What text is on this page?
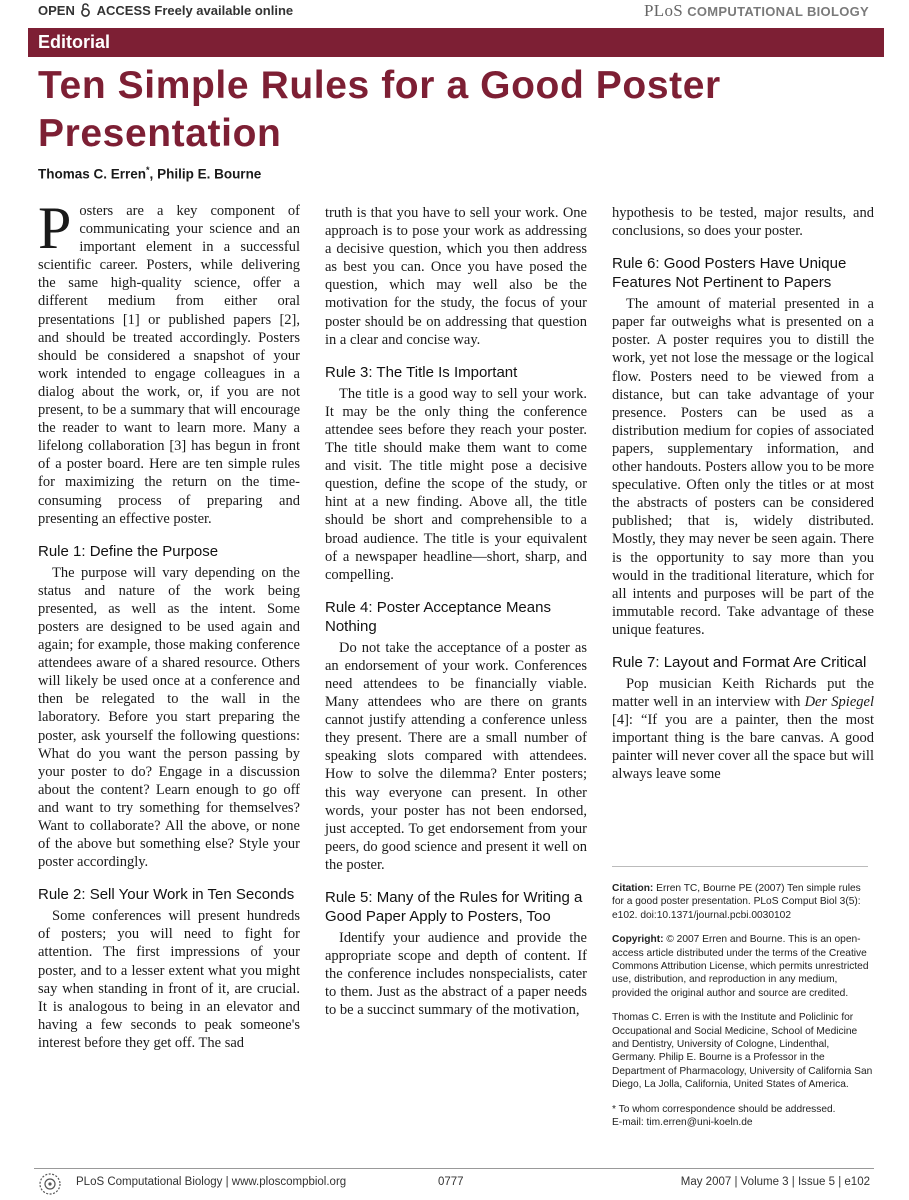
OPEN ACCESS Freely available online	PLoS COMPUTATIONAL BIOLOGY
Editorial
Ten Simple Rules for a Good Poster Presentation
Thomas C. Erren*, Philip E. Bourne

Posters are a key component of communicating your science and an important element in a successful scientific career. Posters, while delivering the same high-quality science, offer a different medium from either oral presentations [1] or published papers [2], and should be treated accordingly. Posters should be considered a snapshot of your work intended to engage colleagues in a dialog about the work, or, if you are not present, to be a summary that will encourage the reader to want to learn more. Many a lifelong collaboration [3] has begun in front of a poster board. Here are ten simple rules for maximizing the return on the time-consuming process of preparing and presenting an effective poster.

Rule 1: Define the Purpose

The purpose will vary depending on the status and nature of the work being presented, as well as the intent. Some posters are designed to be used again and again; for example, those making conference attendees aware of a shared resource. Others will likely be used once at a conference and then be relegated to the wall in the laboratory. Before you start preparing the poster, ask yourself the following questions: What do you want the person passing by your poster to do? Engage in a discussion about the content? Learn enough to go off and want to try something for themselves? Want to collaborate? All the above, or none of the above but something else? Style your poster accordingly.

Rule 2: Sell Your Work in Ten Seconds

Some conferences will present hundreds of posters; you will need to fight for attention. The first impressions of your poster, and to a lesser extent what you might say when standing in front of it, are crucial. It is analogous to being in an elevator and having a few seconds to peak someone's interest before they get off. The sad

truth is that you have to sell your work. One approach is to pose your work as addressing a decisive question, which you then address as best you can. Once you have posed the question, which may well also be the motivation for the study, the focus of your poster should be on addressing that question in a clear and concise way.

Rule 3: The Title Is Important

The title is a good way to sell your work. It may be the only thing the conference attendee sees before they reach your poster. The title should make them want to come and visit. The title might pose a decisive question, define the scope of the study, or hint at a new finding. Above all, the title should be short and comprehensible to a broad audience. The title is your equivalent of a newspaper headline—short, sharp, and compelling.

Rule 4: Poster Acceptance Means Nothing

Do not take the acceptance of a poster as an endorsement of your work. Conferences need attendees to be financially viable. Many attendees who are there on grants cannot justify attending a conference unless they present. There are a small number of speaking slots compared with attendees. How to solve the dilemma? Enter posters; this way everyone can present. In other words, your poster has not been endorsed, just accepted. To get endorsement from your peers, do good science and present it well on the poster.

Rule 5: Many of the Rules for Writing a Good Paper Apply to Posters, Too

Identify your audience and provide the appropriate scope and depth of content. If the conference includes nonspecialists, cater to them. Just as the abstract of a paper needs to be a succinct summary of the motivation,

hypothesis to be tested, major results, and conclusions, so does your poster.

Rule 6: Good Posters Have Unique Features Not Pertinent to Papers

The amount of material presented in a paper far outweighs what is presented on a poster. A poster requires you to distill the work, yet not lose the message or the logical flow. Posters need to be viewed from a distance, but can take advantage of your presence. Posters can be used as a distribution medium for copies of associated papers, supplementary information, and other handouts. Posters allow you to be more speculative. Often only the titles or at most the abstracts of posters can be considered published; that is, widely distributed. Mostly, they may never be seen again. There is the opportunity to say more than you would in the traditional literature, which for all intents and purposes will be part of the immutable record. Take advantage of these unique features.

Rule 7: Layout and Format Are Critical

Pop musician Keith Richards put the matter well in an interview with Der Spiegel [4]: “If you are a painter, then the most important thing is the bare canvas. A good painter will never cover all the space but will always leave some

Citation: Erren TC, Bourne PE (2007) Ten simple rules for a good poster presentation. PLoS Comput Biol 3(5): e102. doi:10.1371/journal.pcbi.0030102

Copyright: © 2007 Erren and Bourne. This is an open-access article distributed under the terms of the Creative Commons Attribution License, which permits unrestricted use, distribution, and reproduction in any medium, provided the original author and source are credited.

Thomas C. Erren is with the Institute and Policlinic for Occupational and Social Medicine, School of Medicine and Dentistry, University of Cologne, Lindenthal, Germany. Philip E. Bourne is a Professor in the Department of Pharmacology, University of California San Diego, La Jolla, California, United States of America.

* To whom correspondence should be addressed.
E-mail: tim.erren@uni-koeln.de

PLoS Computational Biology | www.ploscompbiol.org	0777	May 2007 | Volume 3 | Issue 5 | e102
